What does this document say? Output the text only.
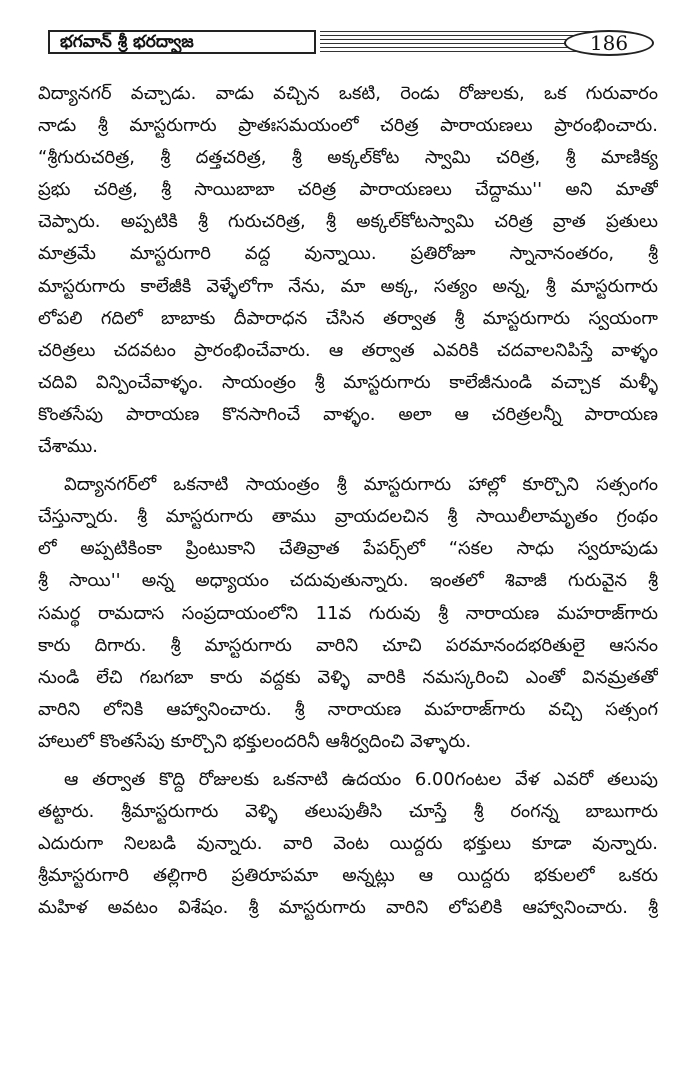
భగవాన్ శ్రీ భరద్వాజ	186
విద్యానగర్ వచ్చాడు. వాడు వచ్చిన ఒకటి, రెండు రోజులకు, ఒక గురువారం
నాడు శ్రీ మాస్టరుగారు ప్రాతఃసమయంలో చరిత్ర పారాయణలు ప్రారంభించారు.
“శ్రీగురుచరిత్ర, శ్రీ దత్తచరిత్ర, శ్రీ అక్కల్‌కోట స్వామి చరిత్ర, శ్రీ మాణిక్య
ప్రభు చరిత్ర, శ్రీ సాయిబాబా చరిత్ర పారాయణలు చేద్దాము'' అని మాతో
చెప్పారు. అప్పటికి శ్రీ గురుచరిత్ర, శ్రీ అక్కల్‌కోటస్వామి చరిత్ర వ్రాత ప్రతులు
మాత్రమే మాస్టరుగారి వద్ద వున్నాయి. ప్రతిరోజూ స్నానానంతరం, శ్రీ
మాస్టరుగారు కాలేజీకి వెళ్ళేలోగా నేను, మా అక్క, సత్యం అన్న, శ్రీ మాస్టరుగారు
లోపలి గదిలో బాబాకు దీపారాధన చేసిన తర్వాత శ్రీ మాస్టరుగారు స్వయంగా
చరిత్రలు చదవటం ప్రారంభించేవారు. ఆ తర్వాత ఎవరికి చదవాలనిపిస్తే వాళ్ళం
చదివి విన్పించేవాళ్ళం. సాయంత్రం శ్రీ మాస్టరుగారు కాలేజీనుండి వచ్చాక మళ్ళీ
కొంతసేపు పారాయణ కొనసాగించే వాళ్ళం. అలా ఆ చరిత్రలన్నీ పారాయణ
చేశాము.
విద్యానగర్‌లో ఒకనాటి సాయంత్రం శ్రీ మాస్టరుగారు హాల్లో కూర్చొని సత్సంగం
చేస్తున్నారు. శ్రీ మాస్టరుగారు తాము వ్రాయదలచిన శ్రీ సాయిలీలామృతం గ్రంథం
లో అప్పటికింకా ప్రింటుకాని చేతివ్రాత పేపర్స్‌లో “సకల సాధు స్వరూపుడు
శ్రీ సాయి'' అన్న అధ్యాయం చదువుతున్నారు. ఇంతలో శివాజీ గురువైన శ్రీ
సమర్థ రామదాస సంప్రదాయంలోని 11వ గురువు శ్రీ నారాయణ మహరాజ్‌గారు
కారు దిగారు. శ్రీ మాస్టరుగారు వారిని చూచి పరమానందభరితులై ఆసనం
నుండి లేచి గబగబా కారు వద్దకు వెళ్ళి వారికి నమస్కరించి ఎంతో వినమ్రతతో
వారిని లోనికి ఆహ్వానించారు. శ్రీ నారాయణ మహరాజ్‌గారు వచ్చి సత్సంగ
హాలులో కొంతసేపు కూర్చొని భక్తులందరినీ ఆశీర్వదించి వెళ్ళారు.
ఆ తర్వాత కొద్ది రోజులకు ఒకనాటి ఉదయం 6.00గంటల వేళ ఎవరో తలుపు
తట్టారు. శ్రీమాస్టరుగారు వెళ్ళి తలుపుతీసి చూస్తే శ్రీ రంగన్న బాబుగారు
ఎదురుగా నిలబడి వున్నారు. వారి వెంట యిద్దరు భక్తులు కూడా వున్నారు.
శ్రీమాస్టరుగారి తల్లిగారి ప్రతిరూపమా అన్నట్లు ఆ యిద్దరు భకులలో ఒకరు
మహిళ అవటం విశేషం. శ్రీ మాస్టరుగారు వారిని లోపలికి ఆహ్వానించారు. శ్రీ
